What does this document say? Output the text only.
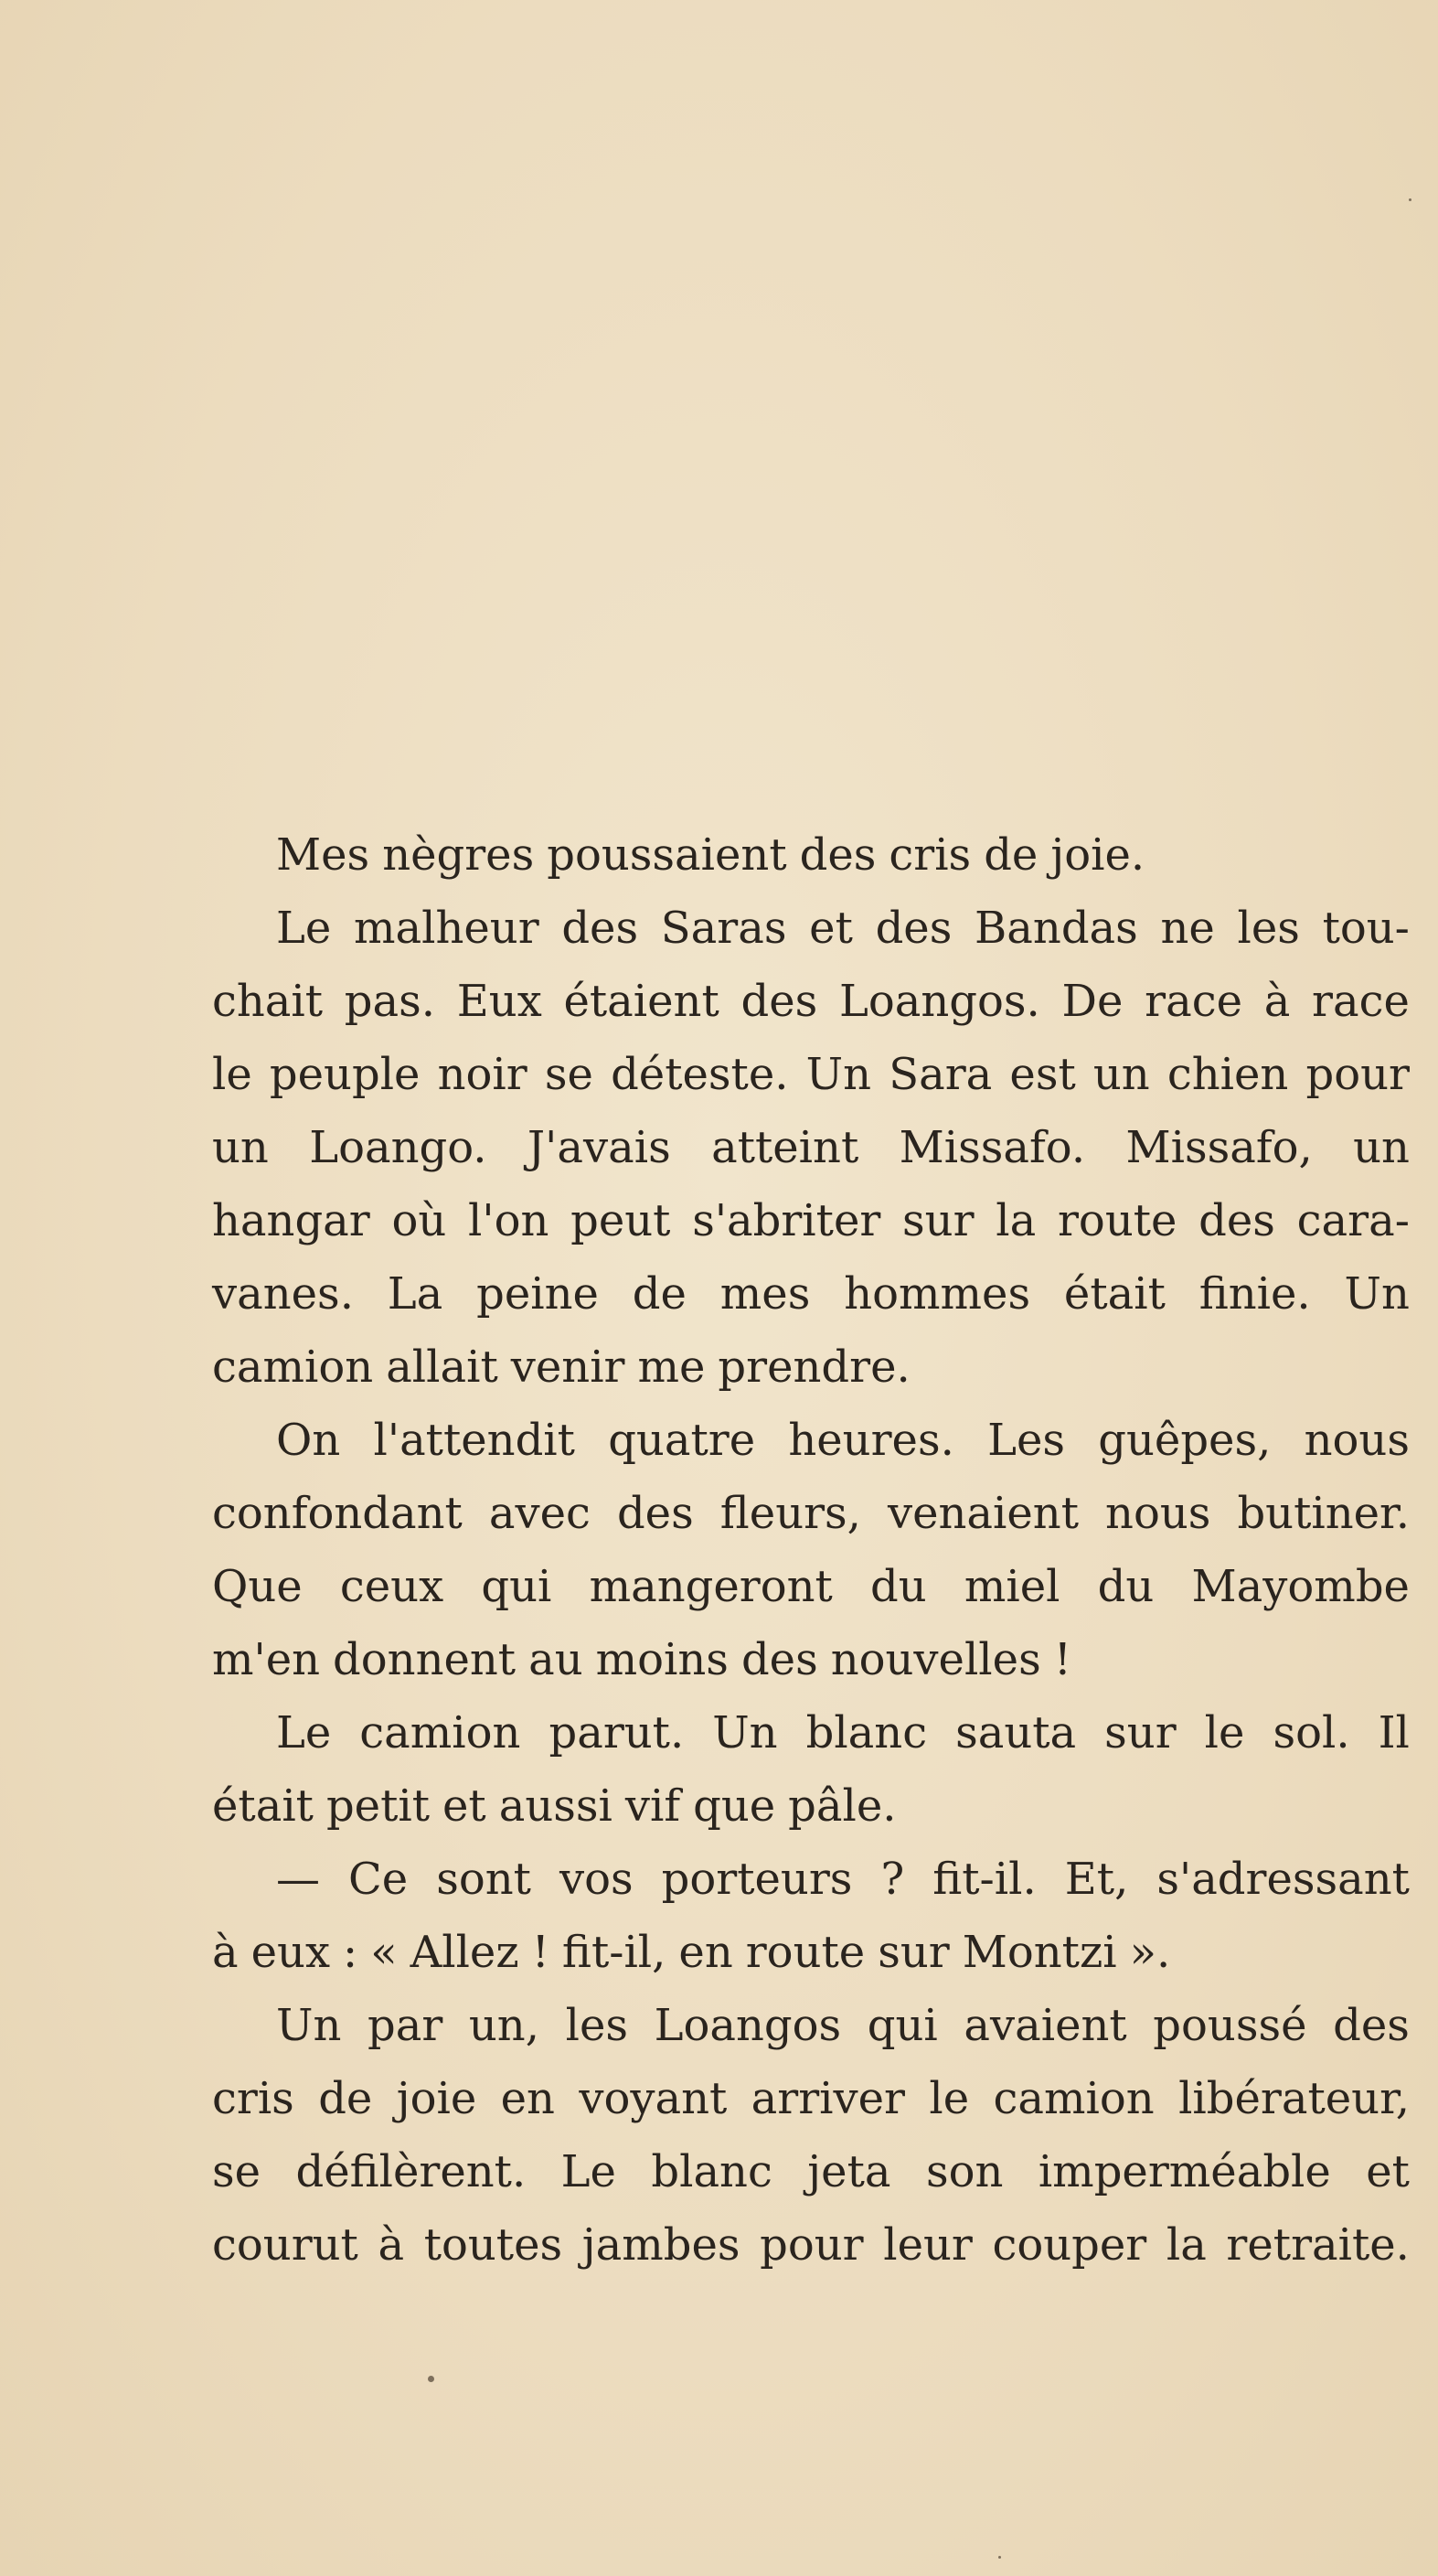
Mes nègres poussaient des cris de joie.
Le malheur des Saras et des Bandas ne les tou-
chait pas. Eux étaient des Loangos. De race à race
le peuple noir se déteste. Un Sara est un chien pour
un Loango. J'avais atteint Missafo. Missafo, un
hangar où l'on peut s'abriter sur la route des cara-
vanes. La peine de mes hommes était finie. Un
camion allait venir me prendre.
On l'attendit quatre heures. Les guêpes, nous
confondant avec des fleurs, venaient nous butiner.
Que ceux qui mangeront du miel du Mayombe
m'en donnent au moins des nouvelles !
Le camion parut. Un blanc sauta sur le sol. Il
était petit et aussi vif que pâle.
— Ce sont vos porteurs ? fit-il. Et, s'adressant
à eux : « Allez ! fit-il, en route sur Montzi ».
Un par un, les Loangos qui avaient poussé des
cris de joie en voyant arriver le camion libérateur,
se défilèrent. Le blanc jeta son imperméable et
courut à toutes jambes pour leur couper la retraite.
